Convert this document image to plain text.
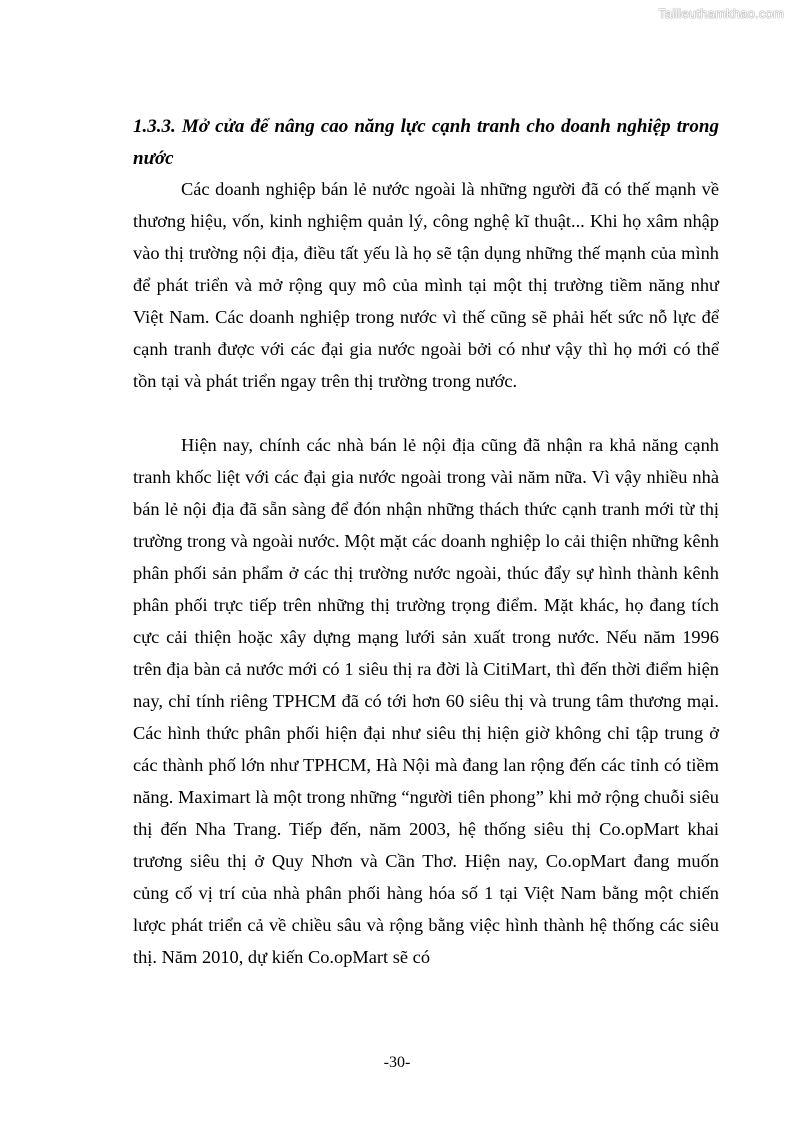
Tailieuthamkhao.com
1.3.3. Mở cửa để nâng cao năng lực cạnh tranh cho doanh nghiệp trong nước

Các doanh nghiệp bán lẻ nước ngoài là những người đã có thế mạnh về thương hiệu, vốn, kinh nghiệm quản lý, công nghệ kĩ thuật... Khi họ xâm nhập vào thị trường nội địa, điều tất yếu là họ sẽ tận dụng những thế mạnh của mình để phát triển và mở rộng quy mô của mình tại một thị trường tiềm năng như Việt Nam. Các doanh nghiệp trong nước vì thế cũng sẽ phải hết sức nỗ lực để cạnh tranh được với các đại gia nước ngoài bởi có như vậy thì họ mới có thể tồn tại và phát triển ngay trên thị trường trong nước.

Hiện nay, chính các nhà bán lẻ nội địa cũng đã nhận ra khả năng cạnh tranh khốc liệt với các đại gia nước ngoài trong vài năm nữa. Vì vậy nhiều nhà bán lẻ nội địa đã sẵn sàng để đón nhận những thách thức cạnh tranh mới từ thị trường trong và ngoài nước. Một mặt các doanh nghiệp lo cải thiện những kênh phân phối sản phẩm ở các thị trường nước ngoài, thúc đẩy sự hình thành kênh phân phối trực tiếp trên những thị trường trọng điểm. Mặt khác, họ đang tích cực cải thiện hoặc xây dựng mạng lưới sản xuất trong nước. Nếu năm 1996 trên địa bàn cả nước mới có 1 siêu thị ra đời là CitiMart, thì đến thời điểm hiện nay, chỉ tính riêng TPHCM đã có tới hơn 60 siêu thị và trung tâm thương mại. Các hình thức phân phối hiện đại như siêu thị hiện giờ không chỉ tập trung ở các thành phố lớn như TPHCM, Hà Nội mà đang lan rộng đến các tỉnh có tiềm năng. Maximart là một trong những “người tiên phong” khi mở rộng chuỗi siêu thị đến Nha Trang. Tiếp đến, năm 2003, hệ thống siêu thị Co.opMart khai trương siêu thị ở Quy Nhơn và Cần Thơ. Hiện nay, Co.opMart đang muốn củng cố vị trí của nhà phân phối hàng hóa số 1 tại Việt Nam bằng một chiến lược phát triển cả về chiều sâu và rộng bằng việc hình thành hệ thống các siêu thị. Năm 2010, dự kiến Co.opMart sẽ có

-30-
